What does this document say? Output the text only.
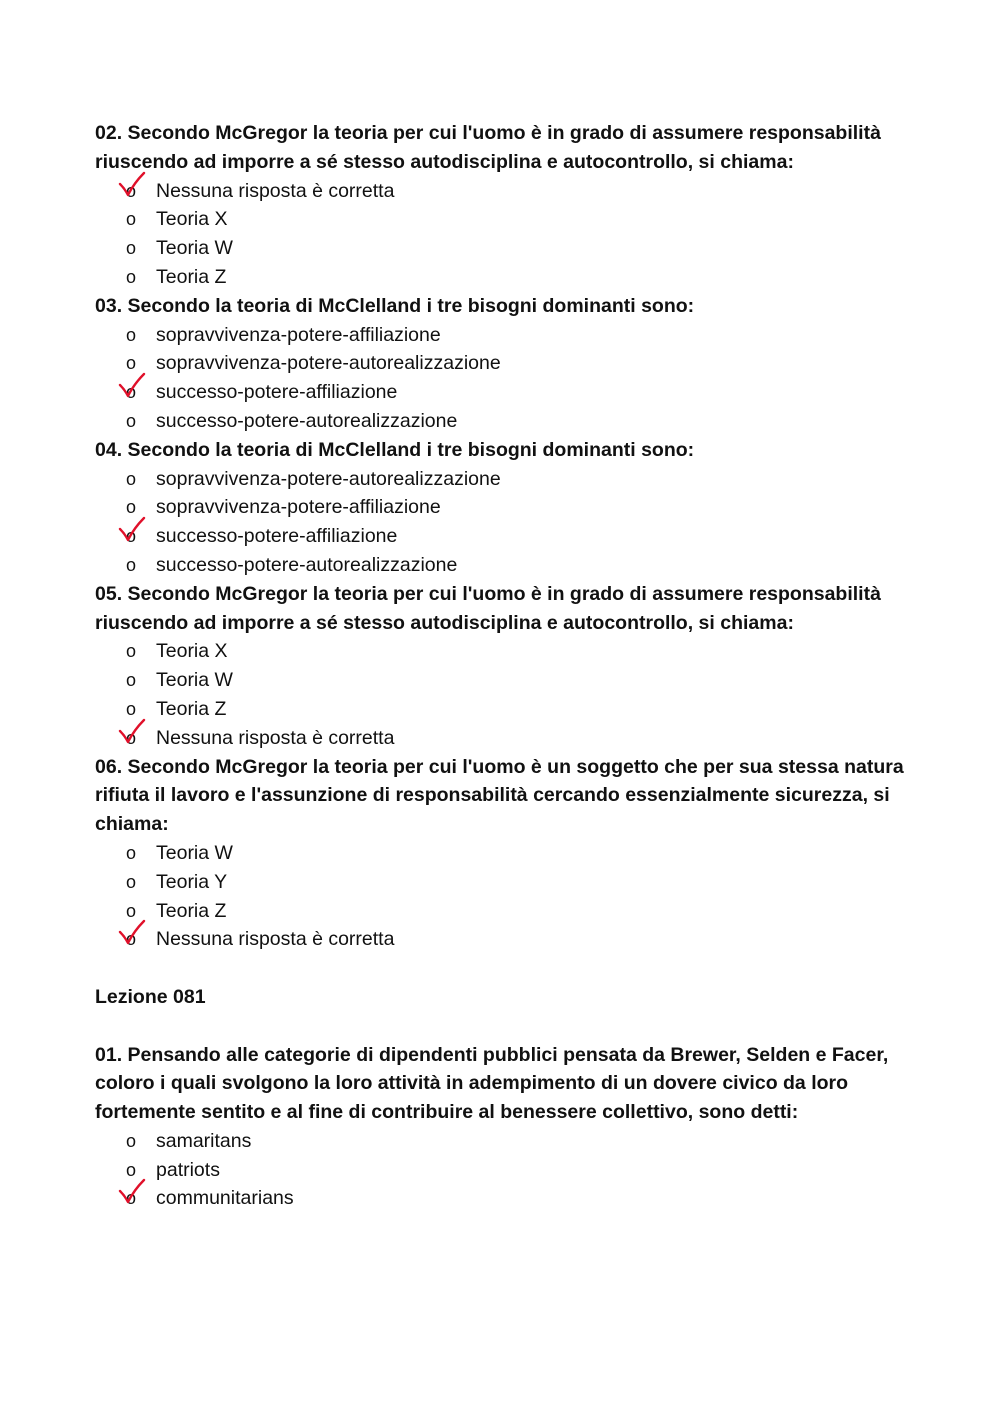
02. Secondo McGregor la teoria per cui l'uomo è in grado di assumere responsabilità riuscendo ad imporre a sé stesso autodisciplina e autocontrollo, si chiama:

o Nessuna risposta è corretta
o Teoria X
o Teoria W
o Teoria Z

03. Secondo la teoria di McClelland i tre bisogni dominanti sono:

o sopravvivenza-potere-affiliazione
o sopravvivenza-potere-autorealizzazione
o successo-potere-affiliazione
o successo-potere-autorealizzazione

04. Secondo la teoria di McClelland i tre bisogni dominanti sono:

o sopravvivenza-potere-autorealizzazione
o sopravvivenza-potere-affiliazione
o successo-potere-affiliazione
o successo-potere-autorealizzazione

05. Secondo McGregor la teoria per cui l'uomo è in grado di assumere responsabilità riuscendo ad imporre a sé stesso autodisciplina e autocontrollo, si chiama:

o Teoria X
o Teoria W
o Teoria Z
o Nessuna risposta è corretta

06. Secondo McGregor la teoria per cui l'uomo è un soggetto che per sua stessa natura rifiuta il lavoro e l'assunzione di responsabilità cercando essenzialmente sicurezza, si chiama:

o Teoria W
o Teoria Y
o Teoria Z
o Nessuna risposta è corretta

Lezione 081

01. Pensando alle categorie di dipendenti pubblici pensata da Brewer, Selden e Facer, coloro i quali svolgono la loro attività in adempimento di un dovere civico da loro fortemente sentito e al fine di contribuire al benessere collettivo, sono detti:

o samaritans
o patriots
o communitarians
